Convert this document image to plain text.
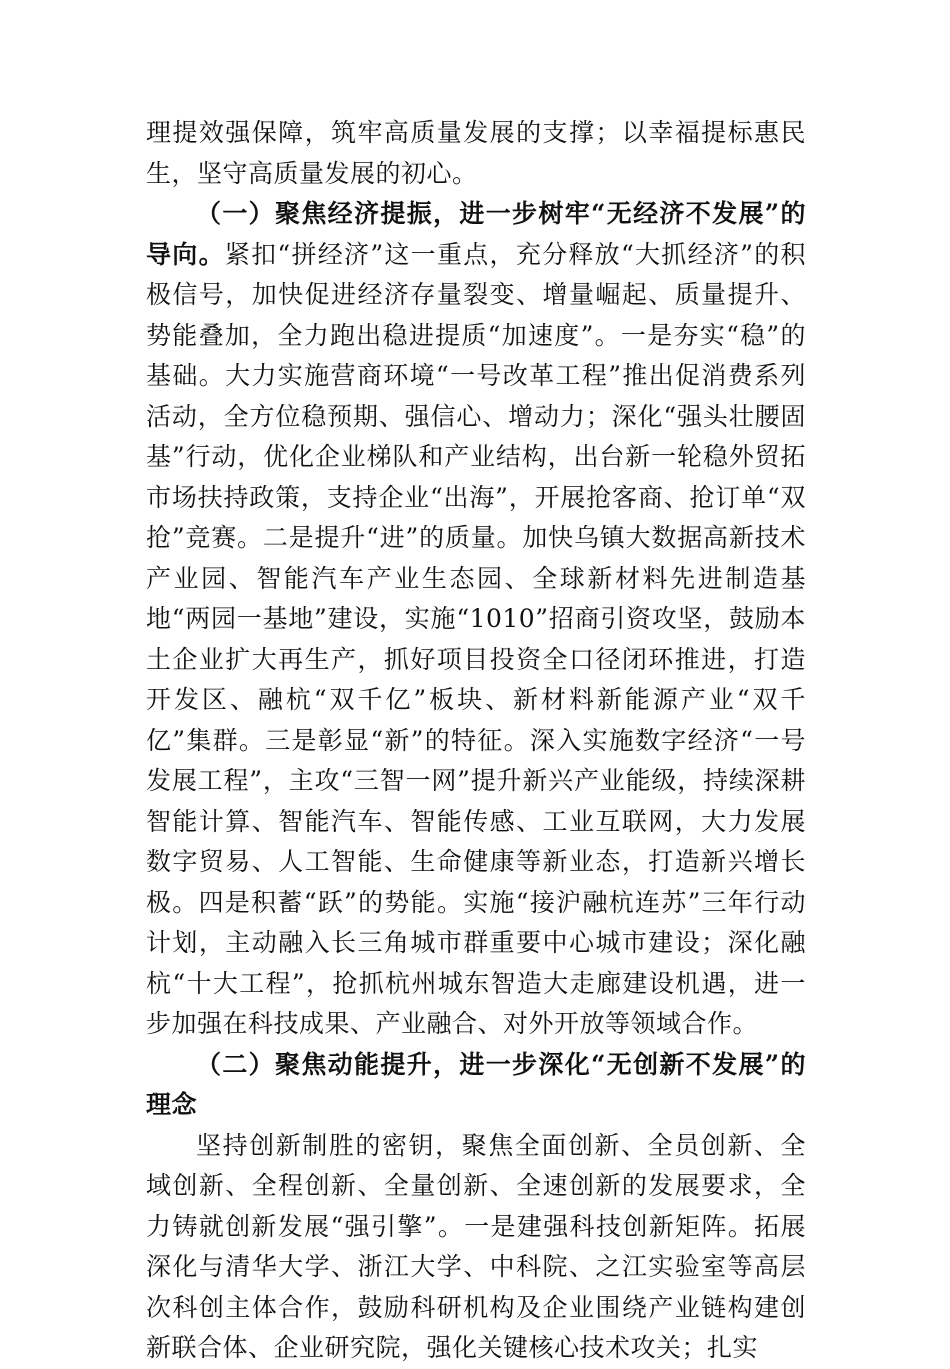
理提效强保障，筑牢高质量发展的支撑；以幸福提标惠民生，坚守高质量发展的初心。

（一）聚焦经济提振，进一步树牢“无经济不发展”的导向。紧扣“拼经济”这一重点，充分释放“大抓经济”的积极信号，加快促进经济存量裂变、增量崛起、质量提升、势能叠加，全力跑出稳进提质“加速度”。一是夯实“稳”的基础。大力实施营商环境“一号改革工程”推出促消费系列活动，全方位稳预期、强信心、增动力；深化“强头壮腰固基”行动，优化企业梯队和产业结构，出台新一轮稳外贸拓市场扶持政策，支持企业“出海”，开展抢客商、抢订单“双抢”竞赛。二是提升“进”的质量。加快乌镇大数据高新技术产业园、智能汽车产业生态园、全球新材料先进制造基地“两园一基地”建设，实施“1010”招商引资攻坚，鼓励本土企业扩大再生产，抓好项目投资全口径闭环推进，打造开发区、融杭“双千亿”板块、新材料新能源产业“双千亿”集群。三是彰显“新”的特征。深入实施数字经济“一号发展工程”，主攻“三智一网”提升新兴产业能级，持续深耕智能计算、智能汽车、智能传感、工业互联网，大力发展数字贸易、人工智能、生命健康等新业态，打造新兴增长极。四是积蓄“跃”的势能。实施“接沪融杭连苏”三年行动计划，主动融入长三角城市群重要中心城市建设；深化融杭“十大工程”，抢抓杭州城东智造大走廊建设机遇，进一步加强在科技成果、产业融合、对外开放等领域合作。

（二）聚焦动能提升，进一步深化“无创新不发展”的理念

坚持创新制胜的密钥，聚焦全面创新、全员创新、全域创新、全程创新、全量创新、全速创新的发展要求，全力铸就创新发展“强引擎”。一是建强科技创新矩阵。拓展深化与清华大学、浙江大学、中科院、之江实验室等高层次科创主体合作，鼓励科研机构及企业围绕产业链构建创新联合体、企业研究院，强化关键核心技术攻关；扎实
